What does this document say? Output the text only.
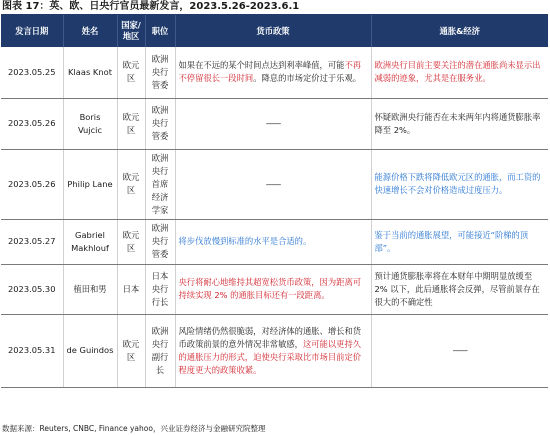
图表 17：英、欧、日央行官员最新发言，2023.5.26-2023.6.1
发言日期	姓名	国家/地区	职位	货币政策	通胀&经济
2023.05.25	Klaas Knot	欧元区	欧洲央行管委	如果在不远的某个时间点达到利率峰值，可能不再不停留很长一段时间。降息的市场定价过于乐观。	欧洲央行目前主要关注的潜在通胀尚未显示出减弱的迹象，尤其是在服务业。
2023.05.26	Boris Vujcic	欧元区	欧洲央行管委	——	怀疑欧洲央行能否在未来两年内将通货膨胀率降至 2%。
2023.05.26	Philip Lane	欧元区	欧洲央行首席经济学家	——	能源价格下跌将降低欧元区的通胀，而工资的快速增长不会对价格造成过度压力。
2023.05.27	Gabriel Makhlouf	欧元区	欧洲央行管委	将步伐放慢到标准的水平是合适的。	鉴于当前的通胀展望，可能接近“阶梯的顶部”。
2023.05.30	植田和男	日本	日本央行行长	央行将耐心地维持其超宽松货币政策，因为距离可持续实现 2% 的通胀目标还有一段距离。	预计通货膨胀率将在本财年中期明显放缓至 2% 以下，此后通胀将会反弹，尽管前景存在很大的不确定性
2023.05.31	de Guindos	欧元区	欧洲央行副行长	风险情绪仍然很脆弱，对经济体的通胀、增长和货币政策前景的意外情况非常敏感，这可能以更持久的通胀压力的形式，迫使央行采取比市场目前定价程度更大的政策收紧。	——
数据来源：Reuters, CNBC, Finance yahoo，兴业证券经济与金融研究院整理
